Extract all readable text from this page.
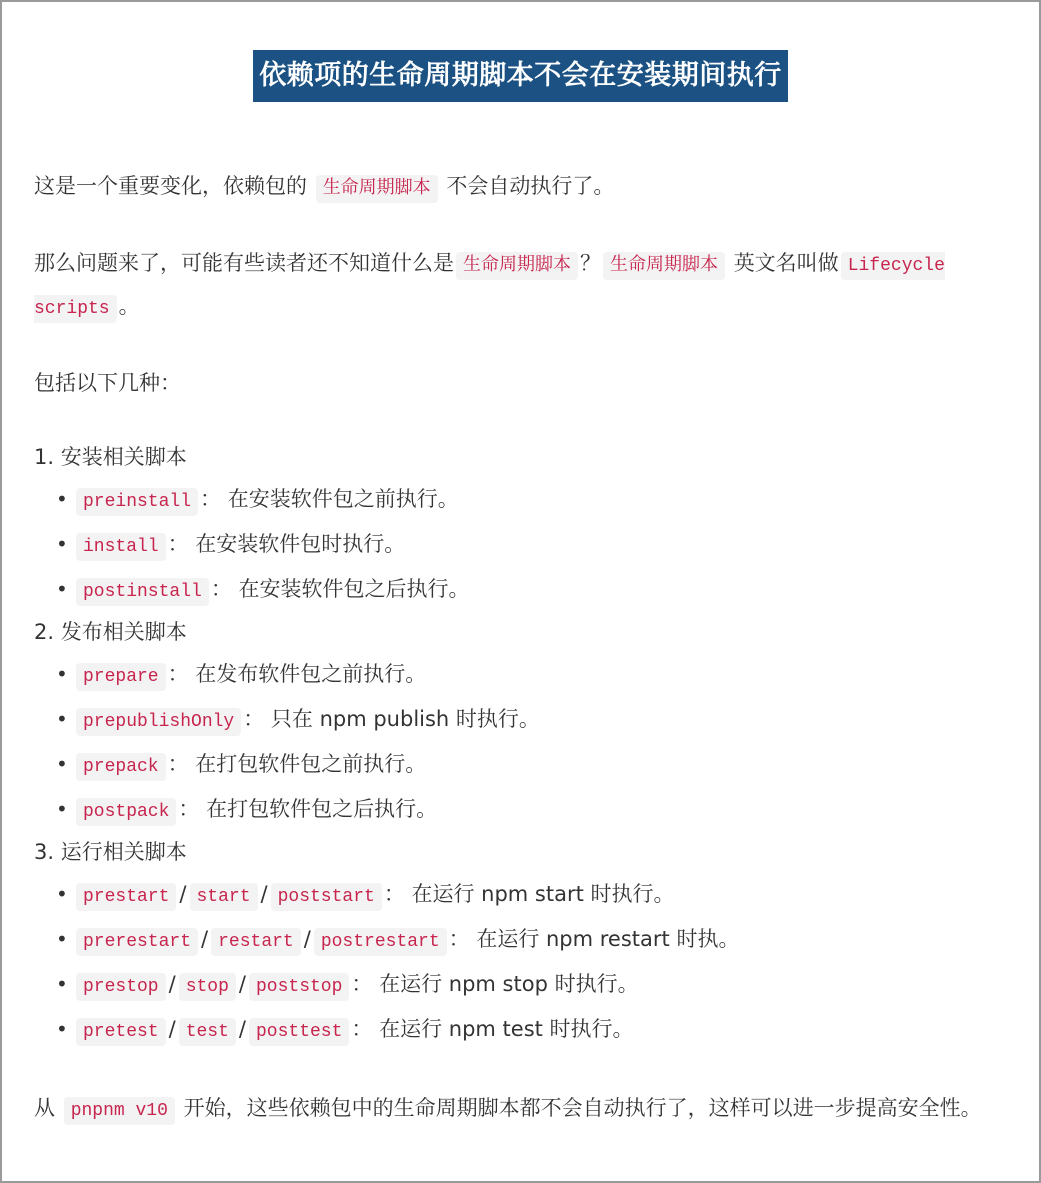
依赖项的生命周期脚本不会在安装期间执行

这是一个重要变化，依赖包的 生命周期脚本 不会自动执行了。

那么问题来了，可能有些读者还不知道什么是 生命周期脚本 ？ 生命周期脚本 英文名叫做 Lifecycle scripts 。

包括以下几种：

1. 安装相关脚本
• preinstall ： 在安装软件包之前执行。
• install ： 在安装软件包时执行。
• postinstall ： 在安装软件包之后执行。
2. 发布相关脚本
• prepare ： 在发布软件包之前执行。
• prepublishOnly ： 只在 npm publish 时执行。
• prepack ： 在打包软件包之前执行。
• postpack ： 在打包软件包之后执行。
3. 运行相关脚本
• prestart / start / poststart ： 在运行 npm start 时执行。
• prerestart / restart / postrestart ： 在运行 npm restart 时执。
• prestop / stop / poststop ： 在运行 npm stop 时执行。
• pretest / test / posttest ： 在运行 npm test 时执行。

从 pnpnm v10 开始，这些依赖包中的生命周期脚本都不会自动执行了，这样可以进一步提高安全性。
